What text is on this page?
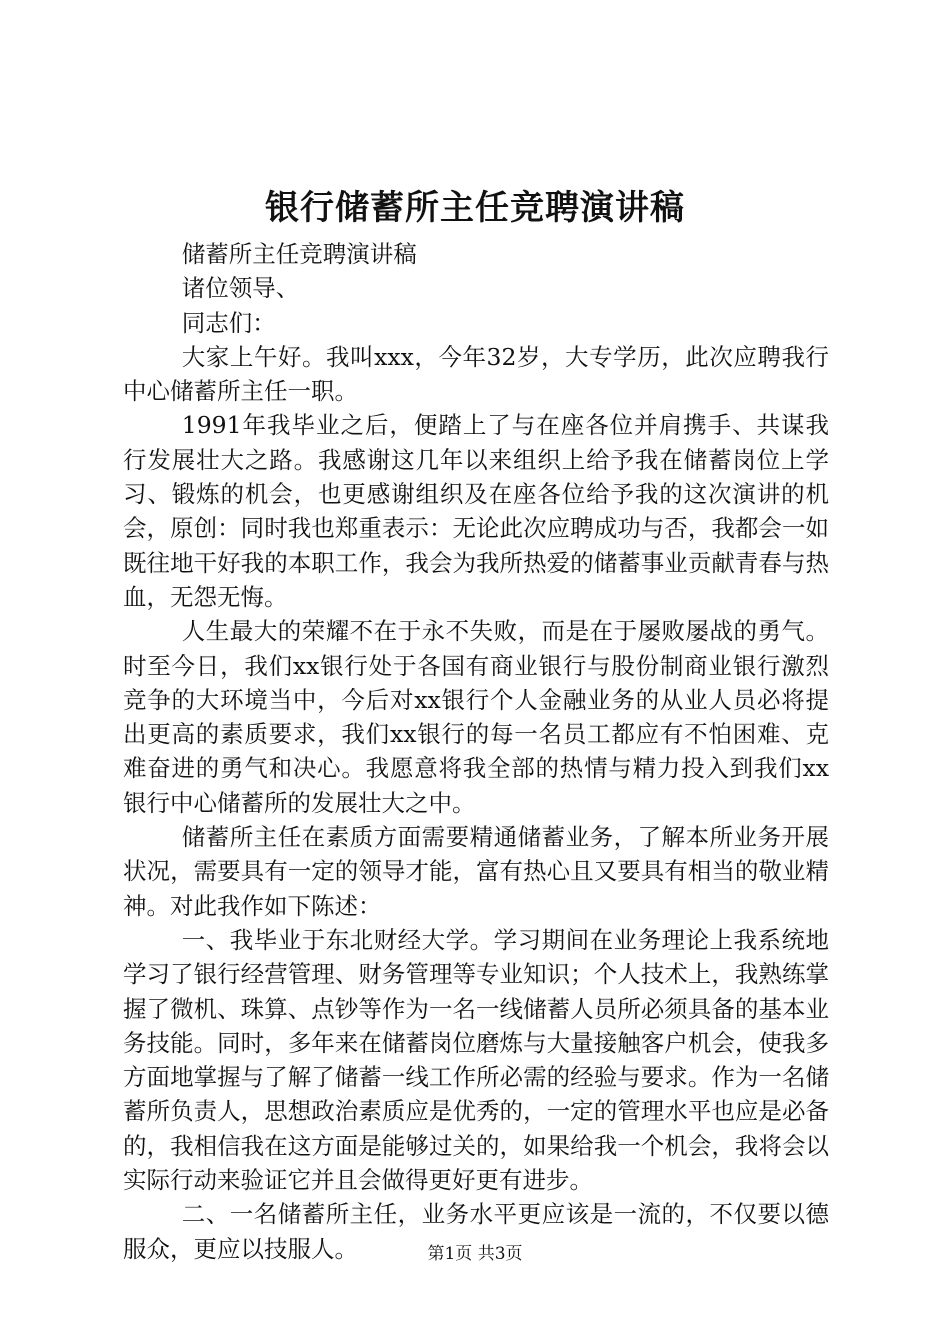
银行储蓄所主任竞聘演讲稿

储蓄所主任竞聘演讲稿

诸位领导、

同志们：

大家上午好。我叫xxx，今年32岁，大专学历，此次应聘我行中心储蓄所主任一职。

1991年我毕业之后，便踏上了与在座各位并肩携手、共谋我行发展壮大之路。我感谢这几年以来组织上给予我在储蓄岗位上学习、锻炼的机会，也更感谢组织及在座各位给予我的这次演讲的机会，原创：同时我也郑重表示：无论此次应聘成功与否，我都会一如既往地干好我的本职工作，我会为我所热爱的储蓄事业贡献青春与热血，无怨无悔。

人生最大的荣耀不在于永不失败，而是在于屡败屡战的勇气。时至今日，我们xx银行处于各国有商业银行与股份制商业银行激烈竞争的大环境当中，今后对xx银行个人金融业务的从业人员必将提出更高的素质要求，我们xx银行的每一名员工都应有不怕困难、克难奋进的勇气和决心。我愿意将我全部的热情与精力投入到我们xx银行中心储蓄所的发展壮大之中。

储蓄所主任在素质方面需要精通储蓄业务，了解本所业务开展状况，需要具有一定的领导才能，富有热心且又要具有相当的敬业精神。对此我作如下陈述：

一、我毕业于东北财经大学。学习期间在业务理论上我系统地学习了银行经营管理、财务管理等专业知识；个人技术上，我熟练掌握了微机、珠算、点钞等作为一名一线储蓄人员所必须具备的基本业务技能。同时，多年来在储蓄岗位磨炼与大量接触客户机会，使我多方面地掌握与了解了储蓄一线工作所必需的经验与要求。作为一名储蓄所负责人，思想政治素质应是优秀的，一定的管理水平也应是必备的，我相信我在这方面是能够过关的，如果给我一个机会，我将会以实际行动来验证它并且会做得更好更有进步。

二、一名储蓄所主任，业务水平更应该是一流的，不仅要以德服众，更应以技服人。	第1页 共3页
